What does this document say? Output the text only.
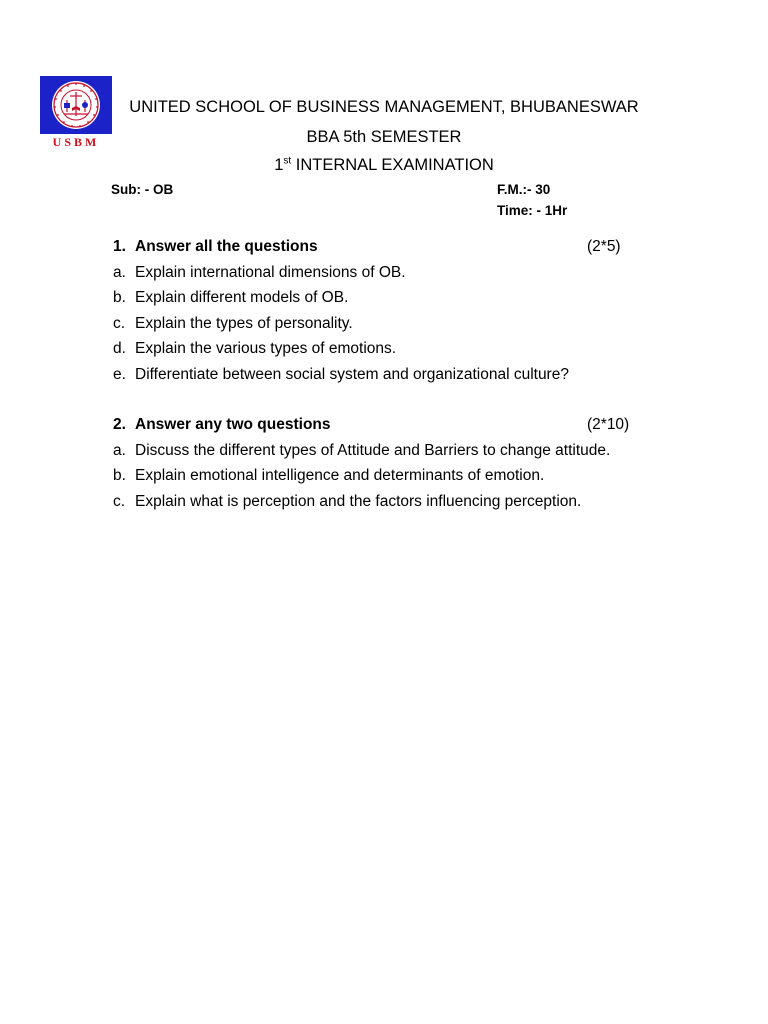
USBM
UNITED SCHOOL OF BUSINESS MANAGEMENT, BHUBANESWAR
BBA 5th SEMESTER
1st INTERNAL EXAMINATION
Sub: - OB	F.M.:- 30
Time: - 1Hr
1. Answer all the questions	(2*5)
a. Explain international dimensions of OB.
b. Explain different models of OB.
c. Explain the types of personality.
d. Explain the various types of emotions.
e. Differentiate between social system and organizational culture?
2. Answer any two questions	(2*10)
a. Discuss the different types of Attitude and Barriers to change attitude.
b. Explain emotional intelligence and determinants of emotion.
c. Explain what is perception and the factors influencing perception.
